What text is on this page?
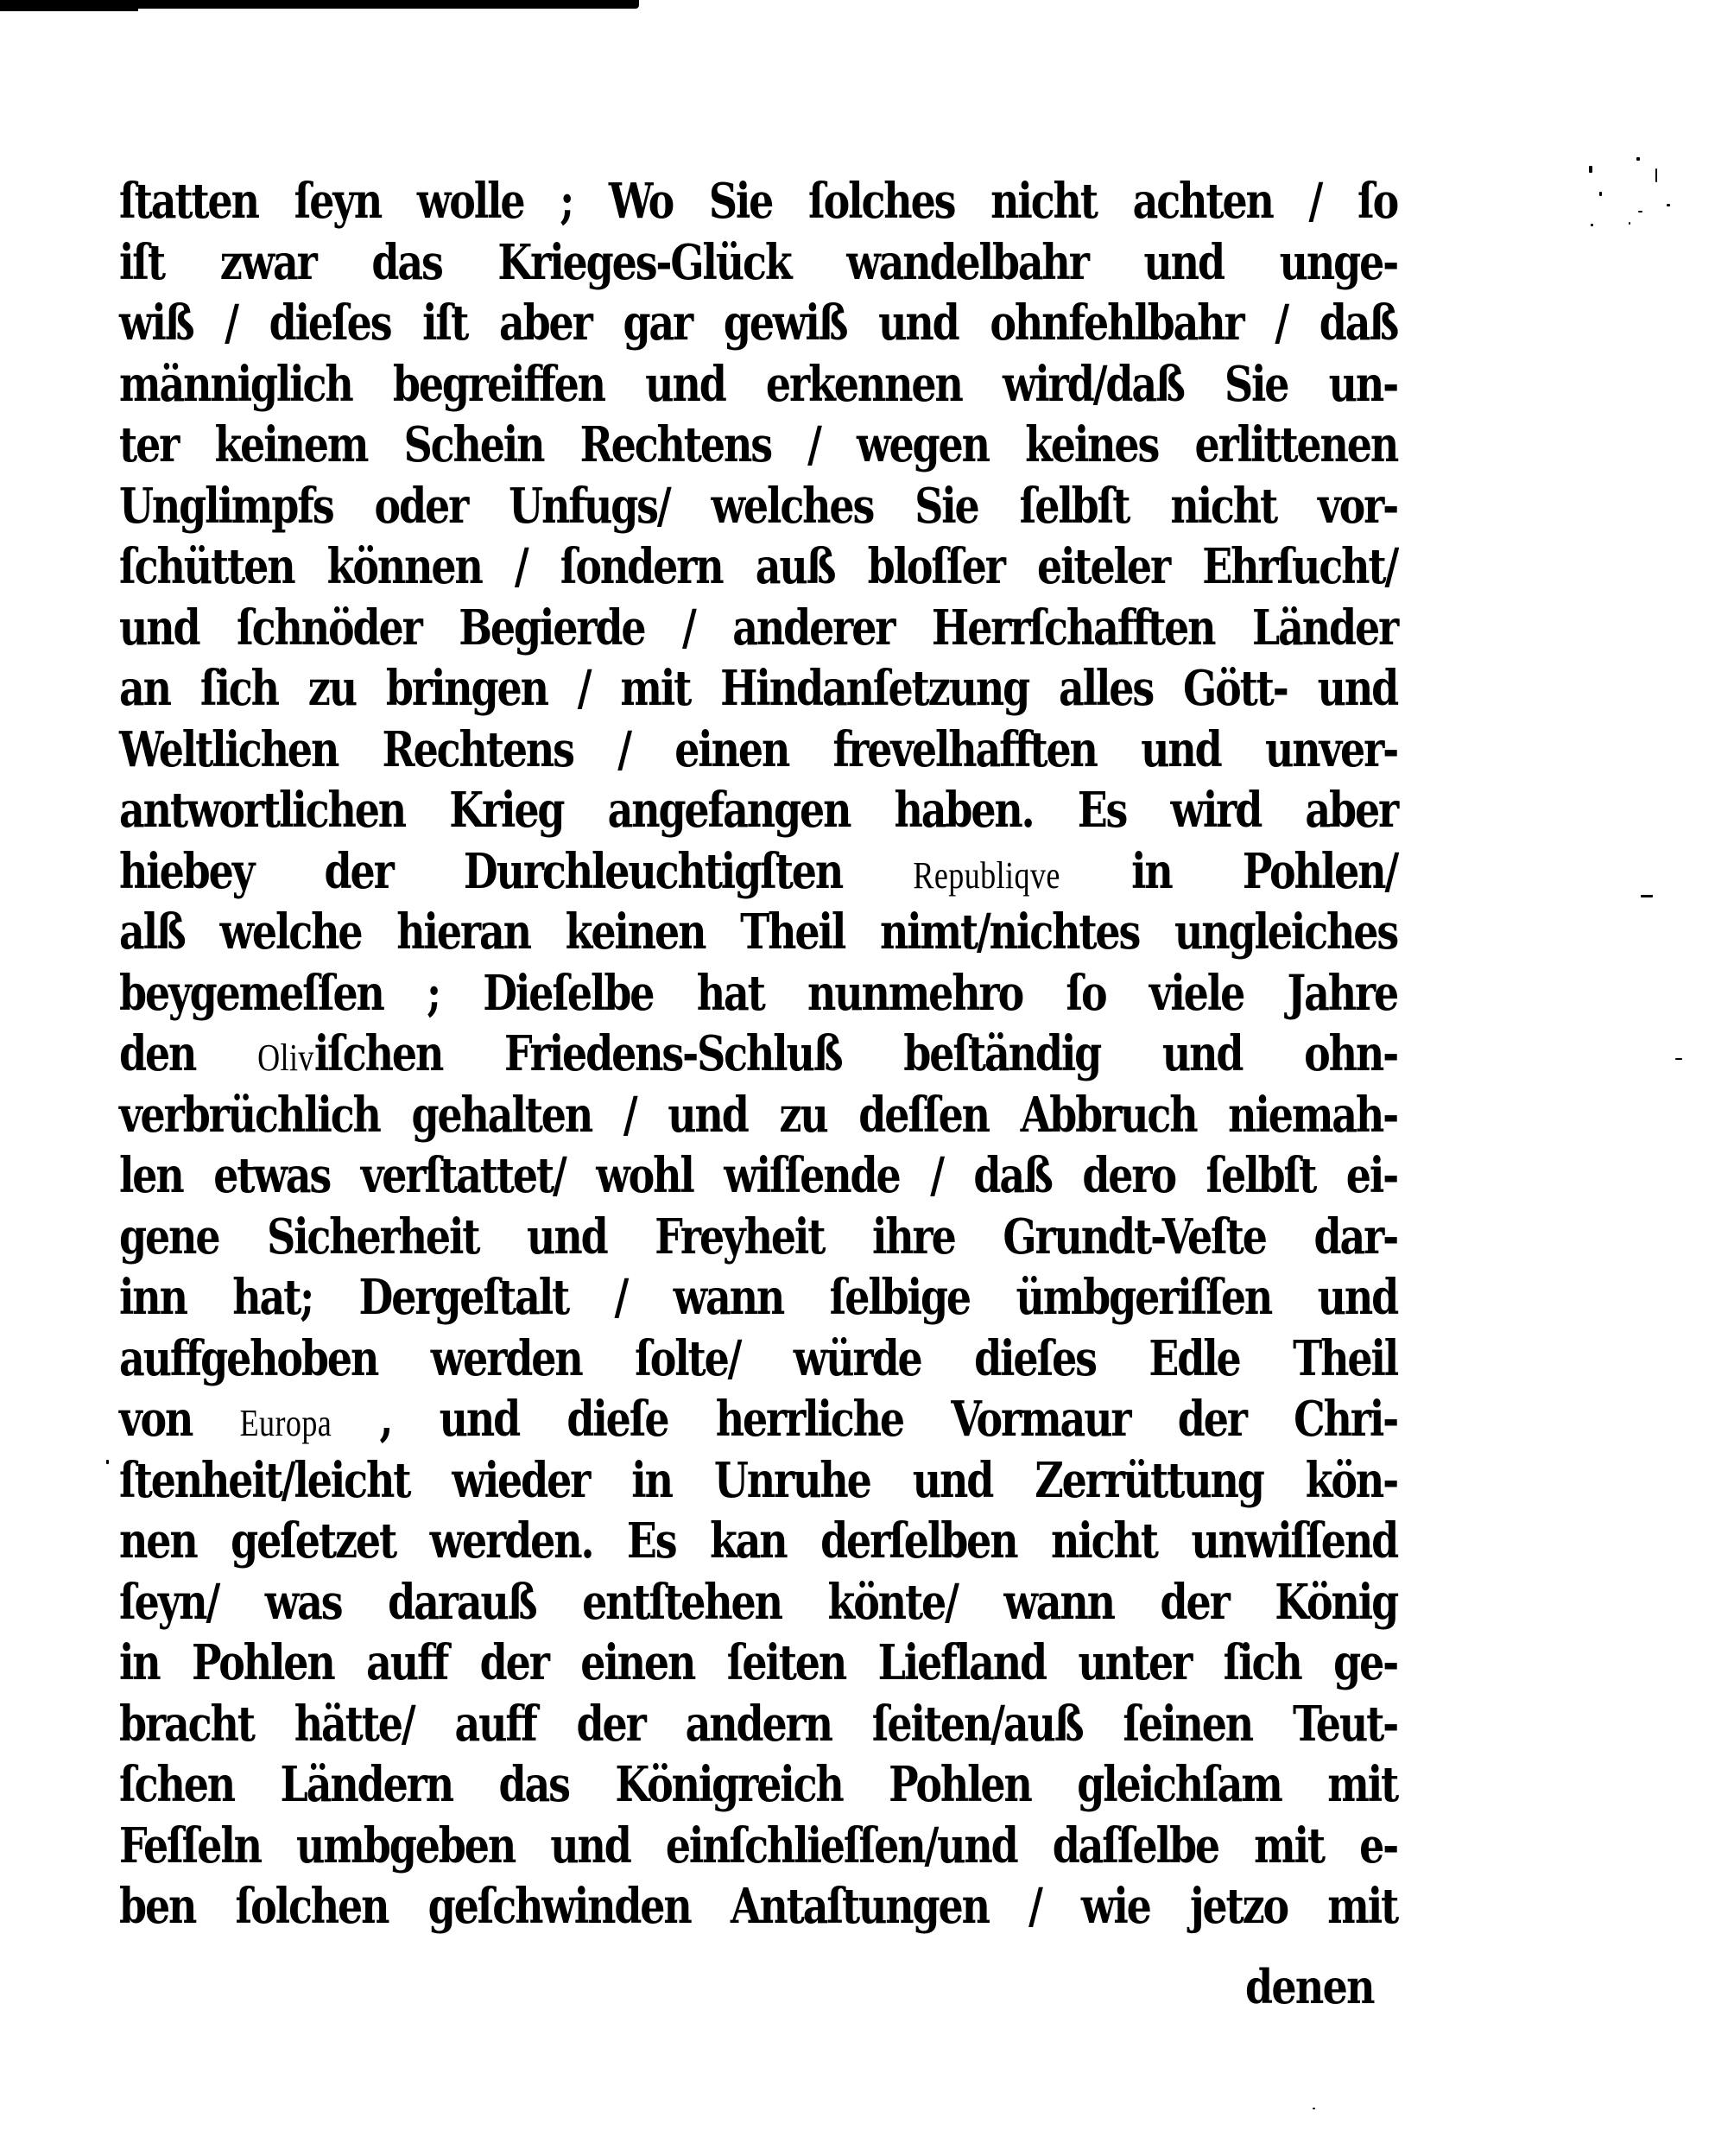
ſtatten ſeyn wolle ; Wo Sie ſolches nicht achten / ſo
iſt zwar das Krieges-Glück wandelbahr und unge-
wiß / dieſes iſt aber gar gewiß und ohnfehlbahr / daß
männiglich begreiffen und erkennen wird/daß Sie un-
ter keinem Schein Rechtens / wegen keines erlittenen
Unglimpfs oder Unfugs/ welches Sie ſelbſt nicht vor-
ſchütten können / ſondern auß bloſſer eiteler Ehrſucht/
und ſchnöder Begierde / anderer Herrſchafften Länder
an ſich zu bringen / mit Hindanſetzung alles Gött- und
Weltlichen Rechtens / einen frevelhafften und unver-
antwortlichen Krieg angefangen haben. Es wird aber
hiebey der Durchleuchtigſten Republiqve in Pohlen/
alß welche hieran keinen Theil nimt/nichtes ungleiches
beygemeſſen ; Dieſelbe hat nunmehro ſo viele Jahre
den Oliviſchen Friedens-Schluß beſtändig und ohn-
verbrüchlich gehalten / und zu deſſen Abbruch niemah-
len etwas verſtattet/ wohl wiſſende / daß dero ſelbſt ei-
gene Sicherheit und Freyheit ihre Grundt-Veſte dar-
inn hat; Dergeſtalt / wann ſelbige ümbgeriſſen und
auffgehoben werden ſolte/ würde dieſes Edle Theil
von Europa , und dieſe herrliche Vormaur der Chri-
ſtenheit/leicht wieder in Unruhe und Zerrüttung kön-
nen geſetzet werden. Es kan derſelben nicht unwiſſend
ſeyn/ was darauß entſtehen könte/ wann der König
in Pohlen auff der einen ſeiten Liefland unter ſich ge-
bracht hätte/ auff der andern ſeiten/auß ſeinen Teut-
ſchen Ländern das Königreich Pohlen gleichſam mit
Feſſeln umbgeben und einſchlieſſen/und daſſelbe mit e-
ben ſolchen geſchwinden Antaſtungen / wie jetzo mit
denen
